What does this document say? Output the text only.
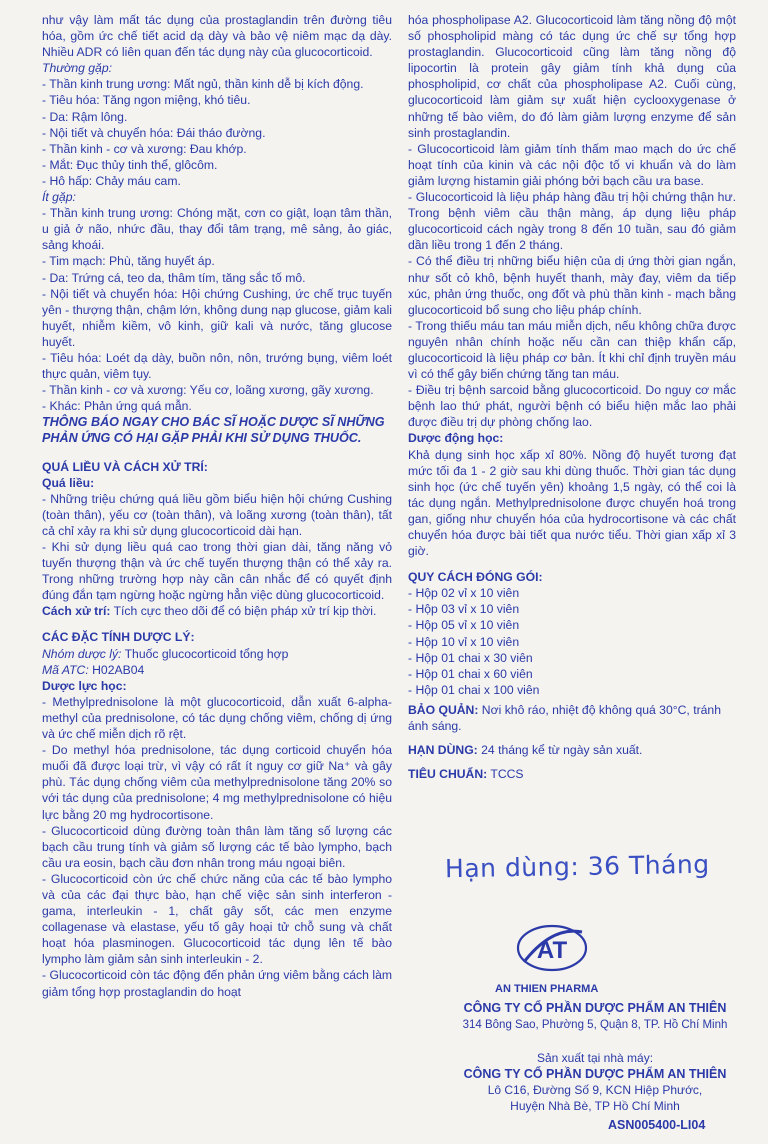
như vậy làm mất tác dụng của prostaglandin trên đường tiêu hóa, gồm ức chế tiết acid dạ dày và bảo vệ niêm mạc dạ dày. Nhiều ADR có liên quan đến tác dụng này của glucocorticoid.

Thường gặp:

- Thần kinh trung ương: Mất ngủ, thần kinh dễ bị kích động.

- Tiêu hóa: Tăng ngon miệng, khó tiêu.

- Da: Rậm lông.

- Nội tiết và chuyển hóa: Đái tháo đường.

- Thần kinh - cơ và xương: Đau khớp.

- Mắt: Đục thủy tinh thể, glôcôm.

- Hô hấp: Chảy máu cam.

Ít gặp:

- Thần kinh trung ương: Chóng mặt, cơn co giật, loạn tâm thần, u giả ở não, nhức đầu, thay đổi tâm trạng, mê sảng, ảo giác, sảng khoái.

- Tim mạch: Phù, tăng huyết áp.

- Da: Trứng cá, teo da, thâm tím, tăng sắc tố mô.

- Nội tiết và chuyển hóa: Hội chứng Cushing, ức chế trục tuyến yên - thượng thận, chậm lớn, không dung nạp glucose, giảm kali huyết, nhiễm kiềm, vô kinh, giữ kali và nước, tăng glucose huyết.

- Tiêu hóa: Loét dạ dày, buồn nôn, nôn, trướng bụng, viêm loét thực quản, viêm tụy.

- Thần kinh - cơ và xương: Yếu cơ, loãng xương, gãy xương.

- Khác: Phản ứng quá mẫn.

THÔNG BÁO NGAY CHO BÁC SĨ HOẶC DƯỢC SĨ NHỮNG PHẢN ỨNG CÓ HẠI GẶP PHẢI KHI SỬ DỤNG THUỐC.

QUÁ LIỀU VÀ CÁCH XỬ TRÍ:

Quá liều:

- Những triệu chứng quá liều gồm biểu hiện hội chứng Cushing (toàn thân), yếu cơ (toàn thân), và loãng xương (toàn thân), tất cả chỉ xảy ra khi sử dụng glucocorticoid dài hạn.

- Khi sử dụng liều quá cao trong thời gian dài, tăng năng vỏ tuyến thượng thận và ức chế tuyến thượng thận có thể xảy ra. Trong những trường hợp này cần cân nhắc để có quyết định đúng đắn tạm ngừng hoặc ngừng hẳn việc dùng glucocorticoid.

Cách xử trí: Tích cực theo dõi để có biện pháp xử trí kịp thời.

CÁC ĐẶC TÍNH DƯỢC LÝ:

Nhóm dược lý: Thuốc glucocorticoid tổng hợp

Mã ATC: H02AB04

Dược lực học:

- Methylprednisolone là một glucocorticoid, dẫn xuất 6-alpha-methyl của prednisolone, có tác dụng chống viêm, chống dị ứng và ức chế miễn dịch rõ rệt.

- Do methyl hóa prednisolone, tác dụng corticoid chuyển hóa muối đã được loại trừ, vì vậy có rất ít nguy cơ giữ Na⁺ và gây phù. Tác dụng chống viêm của methylprednisolone tăng 20% so với tác dụng của prednisolone; 4 mg methylprednisolone có hiệu lực bằng 20 mg hydrocortisone.

- Glucocorticoid dùng đường toàn thân làm tăng số lượng các bạch cầu trung tính và giảm số lượng các tế bào lympho, bạch cầu ưa eosin, bạch cầu đơn nhân trong máu ngoại biên.

- Glucocorticoid còn ức chế chức năng của các tế bào lympho và của các đại thực bào, hạn chế việc sản sinh interferon - gama, interleukin - 1, chất gây sốt, các men enzyme collagenase và elastase, yếu tố gây hoại tử chỗ sung và chất hoạt hóa plasminogen. Glucocorticoid tác dụng lên tế bào lympho làm giảm sản sinh interleukin - 2.

- Glucocorticoid còn tác động đến phản ứng viêm bằng cách làm giảm tổng hợp prostaglandin do hoạt

hóa phospholipase A2. Glucocorticoid làm tăng nồng độ một số phospholipid màng có tác dụng ức chế sự tổng hợp prostaglandin. Glucocorticoid cũng làm tăng nồng độ lipocortin là protein gây giảm tính khả dụng của phospholipid, cơ chất của phospholipase A2. Cuối cùng, glucocorticoid làm giảm sự xuất hiện cyclooxygenase ở những tế bào viêm, do đó làm giảm lượng enzyme để sản sinh prostaglandin.

- Glucocorticoid làm giảm tính thấm mao mạch do ức chế hoạt tính của kinin và các nội độc tố vi khuẩn và do làm giảm lượng histamin giải phóng bởi bạch cầu ưa base.

- Glucocorticoid là liệu pháp hàng đầu trị hội chứng thận hư. Trong bệnh viêm cầu thận màng, áp dụng liệu pháp glucocorticoid cách ngày trong 8 đến 10 tuần, sau đó giảm dần liều trong 1 đến 2 tháng.

- Có thể điều trị những biểu hiện của dị ứng thời gian ngắn, như sốt cỏ khô, bệnh huyết thanh, mày đay, viêm da tiếp xúc, phản ứng thuốc, ong đốt và phù thần kinh - mạch bằng glucocorticoid bổ sung cho liệu pháp chính.

- Trong thiếu máu tan máu miễn dịch, nếu không chữa được nguyên nhân chính hoặc nếu cần can thiệp khẩn cấp, glucocorticoid là liệu pháp cơ bản. Ít khi chỉ định truyền máu vì có thể gây biến chứng tăng tan máu.

- Điều trị bệnh sarcoid bằng glucocorticoid. Do nguy cơ mắc bệnh lao thứ phát, người bệnh có biểu hiện mắc lao phải được điều trị dự phòng chống lao.

Dược động học:

Khả dụng sinh học xấp xỉ 80%. Nồng độ huyết tương đạt mức tối đa 1 - 2 giờ sau khi dùng thuốc. Thời gian tác dụng sinh học (ức chế tuyến yên) khoảng 1,5 ngày, có thể coi là tác dụng ngắn. Methylprednisolone được chuyển hoá trong gan, giống như chuyển hóa của hydrocortisone và các chất chuyển hóa được bài tiết qua nước tiểu. Thời gian xấp xỉ 3 giờ.

QUY CÁCH ĐÓNG GÓI:

- Hộp 02 vỉ x 10 viên

- Hộp 03 vỉ x 10 viên

- Hộp 05 vỉ x 10 viên

- Hộp 10 vỉ x 10 viên

- Hộp 01 chai x 30 viên

- Hộp 01 chai x 60 viên

- Hộp 01 chai x 100 viên

BẢO QUẢN: Nơi khô ráo, nhiệt độ không quá 30°C, tránh ánh sáng.

HẠN DÙNG: 24 tháng kể từ ngày sản xuất.

TIÊU CHUẨN: TCCS

Hạn dùng: 36 Tháng
AT
AN THIEN PHARMA
CÔNG TY CỔ PHẦN DƯỢC PHẨM AN THIÊN
314 Bông Sao, Phường 5, Quận 8, TP. Hồ Chí Minh
Sản xuất tại nhà máy:
CÔNG TY CỔ PHẦN DƯỢC PHẨM AN THIÊN
Lô C16, Đường Số 9, KCN Hiệp Phước,
Huyện Nhà Bè, TP Hồ Chí Minh
ASN005400-LI04
